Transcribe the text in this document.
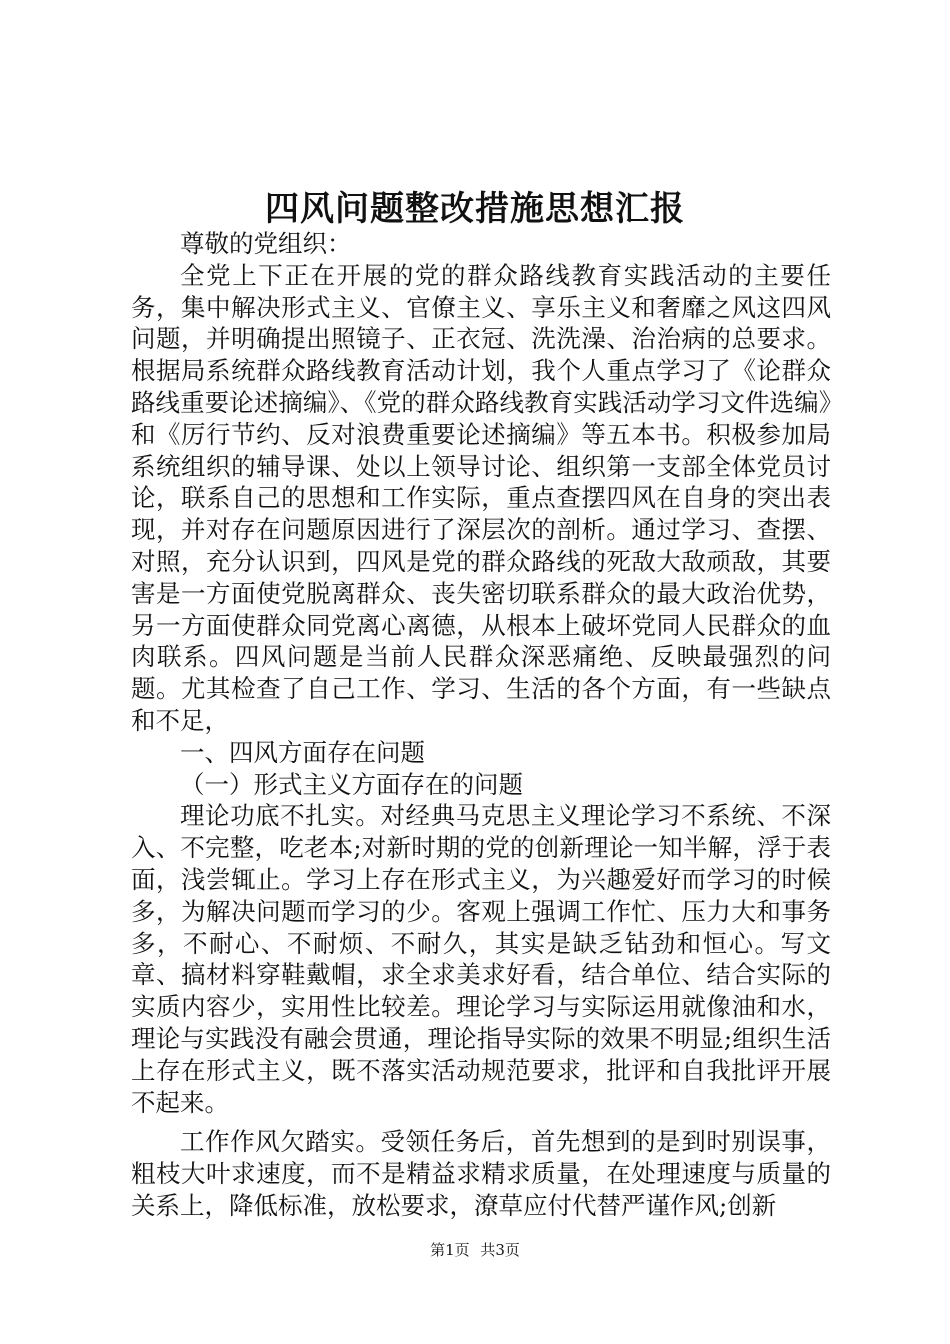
四风问题整改措施思想汇报

尊敬的党组织：

全党上下正在开展的党的群众路线教育实践活动的主要任务，集中解决形式主义、官僚主义、享乐主义和奢靡之风这四风问题，并明确提出照镜子、正衣冠、洗洗澡、治治病的总要求。根据局系统群众路线教育活动计划，我个人重点学习了《论群众路线重要论述摘编》、《党的群众路线教育实践活动学习文件选编》和《厉行节约、反对浪费重要论述摘编》等五本书。积极参加局系统组织的辅导课、处以上领导讨论、组织第一支部全体党员讨论，联系自己的思想和工作实际，重点查摆四风在自身的突出表现，并对存在问题原因进行了深层次的剖析。通过学习、查摆、对照，充分认识到，四风是党的群众路线的死敌大敌顽敌，其要害是一方面使党脱离群众、丧失密切联系群众的最大政治优势，另一方面使群众同党离心离德，从根本上破坏党同人民群众的血肉联系。四风问题是当前人民群众深恶痛绝、反映最强烈的问题。尤其检查了自己工作、学习、生活的各个方面，有一些缺点和不足，

一、四风方面存在问题

（一）形式主义方面存在的问题

理论功底不扎实。对经典马克思主义理论学习不系统、不深入、不完整，吃老本;对新时期的党的创新理论一知半解，浮于表面，浅尝辄止。学习上存在形式主义，为兴趣爱好而学习的时候多，为解决问题而学习的少。客观上强调工作忙、压力大和事务多，不耐心、不耐烦、不耐久，其实是缺乏钻劲和恒心。写文章、搞材料穿鞋戴帽，求全求美求好看，结合单位、结合实际的实质内容少，实用性比较差。理论学习与实际运用就像油和水，理论与实践没有融会贯通，理论指导实际的效果不明显;组织生活上存在形式主义，既不落实活动规范要求，批评和自我批评开展不起来。

工作作风欠踏实。受领任务后，首先想到的是到时别误事，粗枝大叶求速度，而不是精益求精求质量，在处理速度与质量的关系上，降低标准，放松要求，潦草应付代替严谨作风;创新

第1页 共3页
